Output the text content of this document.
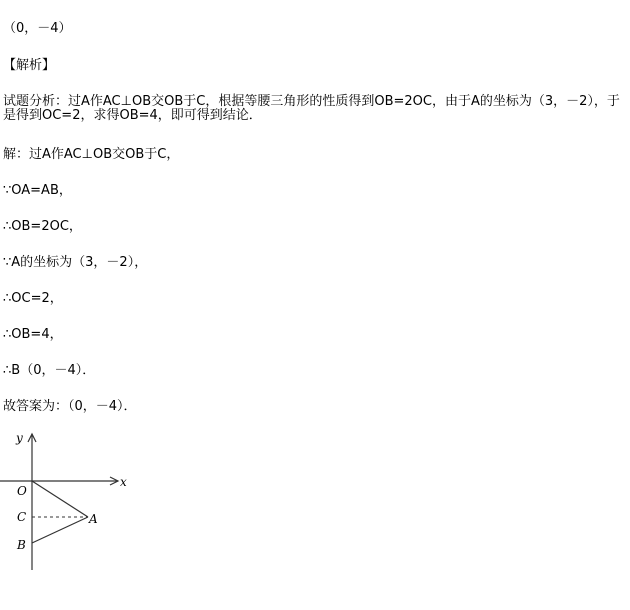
（0，－4）
【解析】
试题分析：过A作AC⊥OB交OB于C，根据等腰三角形的性质得到OB=2OC，由于A的坐标为（3，－2），于是得到OC=2，求得OB=4，即可得到结论．
解：过A作AC⊥OB交OB于C，
∵OA=AB，
∴OB=2OC，
∵A的坐标为（3，－2），
∴OC=2，
∴OB=4，
∴B（0，－4）．
故答案为：（0，－4）．
y
x
O
C	A
B
